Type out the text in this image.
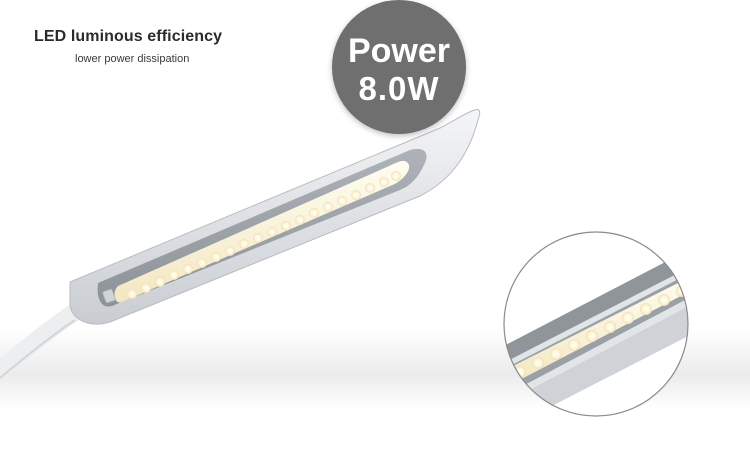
LED luminous efficiency
lower power dissipation	Power
8.0W
